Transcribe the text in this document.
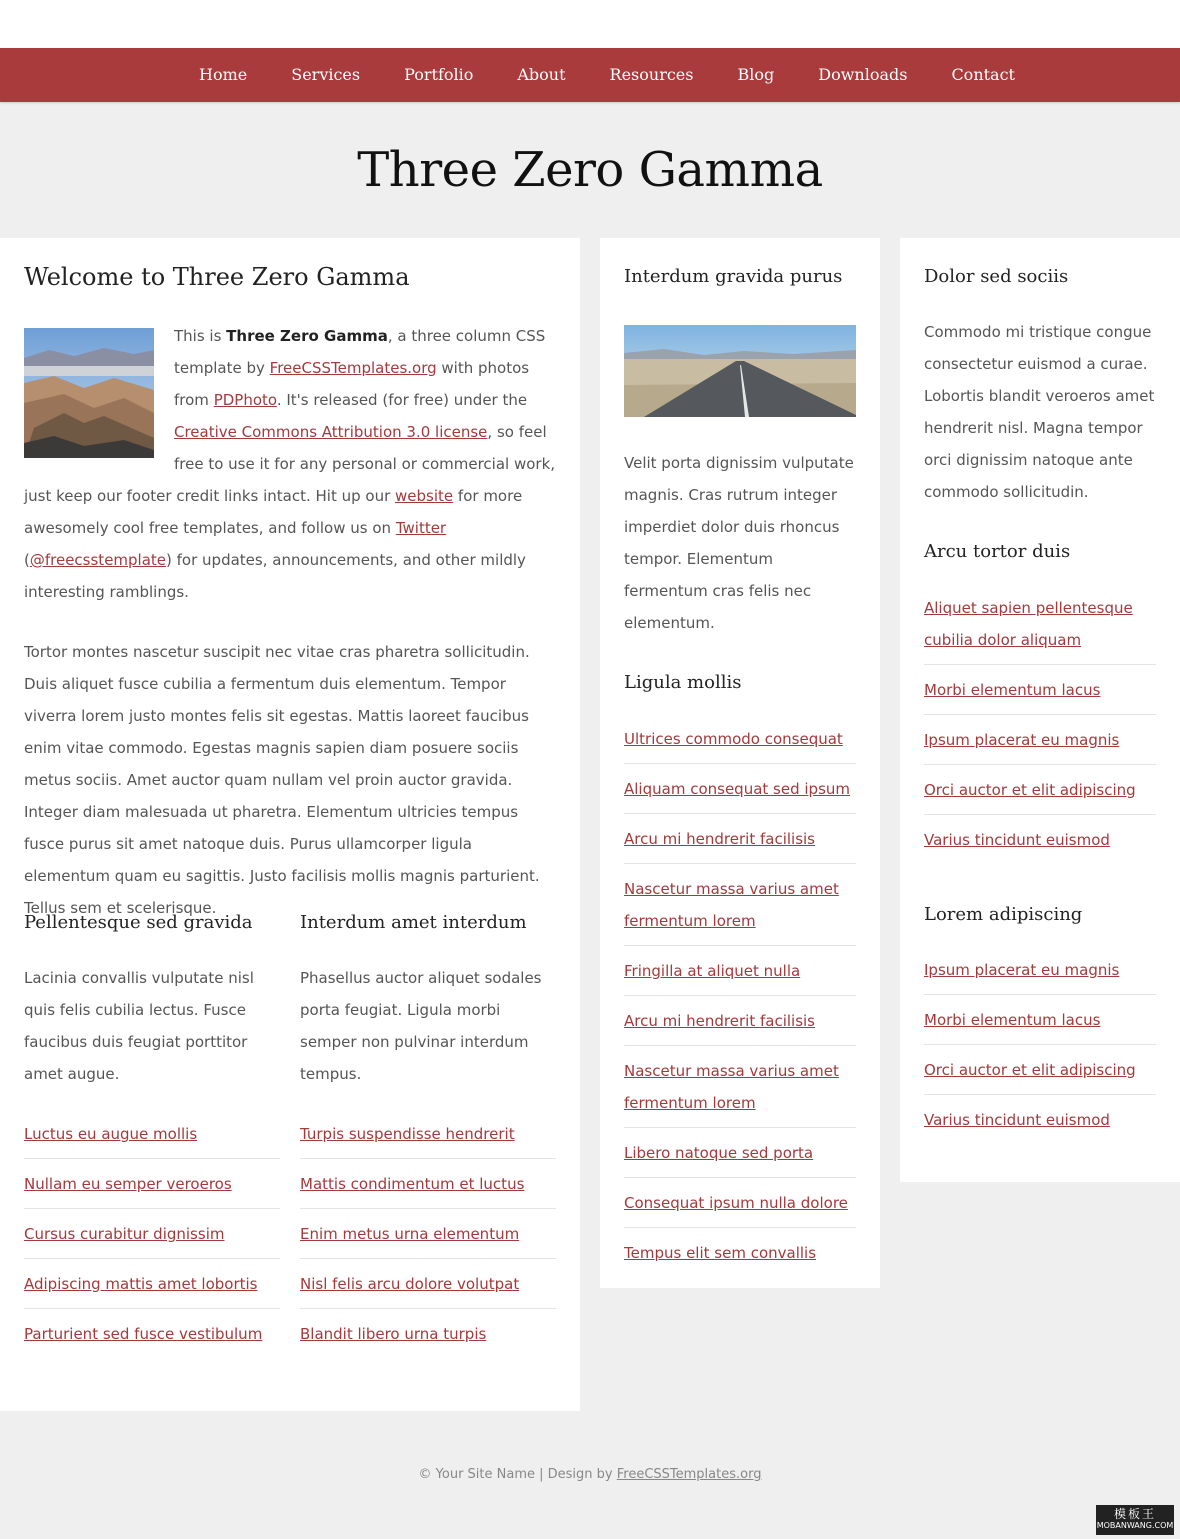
Home	Services	Portfolio	About	Resources	Blog	Downloads	Contact
Three Zero Gamma
Welcome to Three Zero Gamma

This is Three Zero Gamma, a three column CSS template by FreeCSSTemplates.org with photos from PDPhoto. It's released (for free) under the Creative Commons Attribution 3.0 license, so feel free to use it for any personal or commercial work, just keep our footer credit links intact. Hit up our website for more awesomely cool free templates, and follow us on Twitter (@freecsstemplate) for updates, announcements, and other mildly interesting ramblings.

Tortor montes nascetur suscipit nec vitae cras pharetra sollicitudin. Duis aliquet fusce cubilia a fermentum duis elementum. Tempor viverra lorem justo montes felis sit egestas. Mattis laoreet faucibus enim vitae commodo. Egestas magnis sapien diam posuere sociis metus sociis. Amet auctor quam nullam vel proin auctor gravida. Integer diam malesuada ut pharetra. Elementum ultricies tempus fusce purus sit amet natoque duis. Purus ullamcorper ligula elementum quam eu sagittis. Justo facilisis mollis magnis parturient. Tellus sem et scelerisque.

Pellentesque sed gravida

Lacinia convallis vulputate nisl quis felis cubilia lectus. Fusce faucibus duis feugiat porttitor amet augue.

Luctus eu augue mollis
Nullam eu semper veroeros
Cursus curabitur dignissim
Adipiscing mattis amet lobortis
Parturient sed fusce vestibulum
Interdum amet interdum

Phasellus auctor aliquet sodales porta feugiat. Ligula morbi semper non pulvinar interdum tempus.

Turpis suspendisse hendrerit
Mattis condimentum et luctus
Enim metus urna elementum
Nisl felis arcu dolore volutpat
Blandit libero urna turpis
Interdum gravida purus

Velit porta dignissim vulputate magnis. Cras rutrum integer imperdiet dolor duis rhoncus tempor. Elementum fermentum cras felis nec elementum.

Ligula mollis
Ultrices commodo consequat
Aliquam consequat sed ipsum
Arcu mi hendrerit facilisis
Nascetur massa varius amet fermentum lorem
Fringilla at aliquet nulla
Arcu mi hendrerit facilisis
Nascetur massa varius amet fermentum lorem
Libero natoque sed porta
Consequat ipsum nulla dolore
Tempus elit sem convallis
Dolor sed sociis

Commodo mi tristique congue consectetur euismod a curae. Lobortis blandit veroeros amet hendrerit nisl. Magna tempor orci dignissim natoque ante commodo sollicitudin.

Arcu tortor duis
Aliquet sapien pellentesque cubilia dolor aliquam
Morbi elementum lacus
Ipsum placerat eu magnis
Orci auctor et elit adipiscing
Varius tincidunt euismod
Lorem adipiscing
Ipsum placerat eu magnis
Morbi elementum lacus
Orci auctor et elit adipiscing
Varius tincidunt euismod
© Your Site Name | Design by FreeCSSTemplates.org
模板王
MOBANWANG.COM
